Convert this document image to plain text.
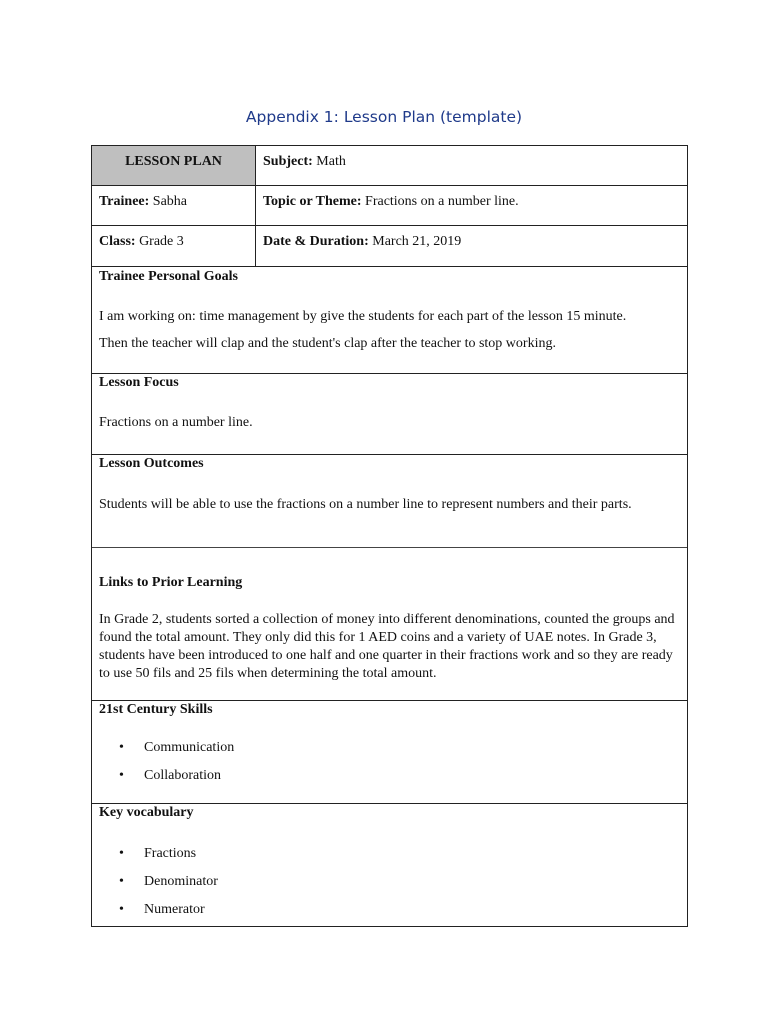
Appendix 1: Lesson Plan (template)
LESSON PLAN	Subject: Math
Trainee: Sabha	Topic or Theme: Fractions on a number line.
Class: Grade 3	Date & Duration: March 21, 2019
Trainee Personal Goals
I am working on: time management by give the students for each part of the lesson 15 minute.
Then the teacher will clap and the student's clap after the teacher to stop working.
Lesson Focus
Fractions on a number line.
Lesson Outcomes
Students will be able to use the fractions on a number line to represent numbers and their parts.
Links to Prior Learning
In Grade 2, students sorted a collection of money into different denominations, counted the groups and found the total amount. They only did this for 1 AED coins and a variety of UAE notes. In Grade 3, students have been introduced to one half and one quarter in their fractions work and so they are ready to use 50 fils and 25 fils when determining the total amount.
21st Century Skills
• Communication
• Collaboration
Key vocabulary
• Fractions
• Denominator
• Numerator
